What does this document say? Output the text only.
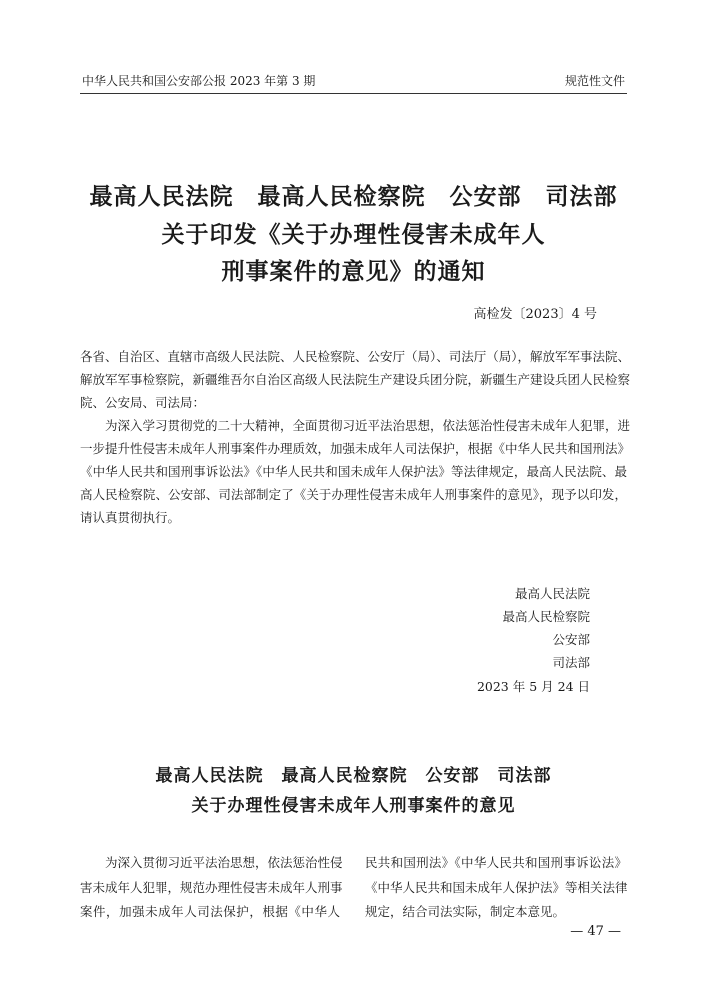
中华人民共和国公安部公报 2023 年第 3 期	规范性文件
最高人民法院　最高人民检察院　公安部　司法部
关于印发《关于办理性侵害未成年人
刑事案件的意见》的通知
高检发〔2023〕4 号
各省、自治区、直辖市高级人民法院、人民检察院、公安厅（局）、司法厅（局），解放军军事法院、
解放军军事检察院，新疆维吾尔自治区高级人民法院生产建设兵团分院，新疆生产建设兵团人民检察
院、公安局、司法局：
　　为深入学习贯彻党的二十大精神，全面贯彻习近平法治思想，依法惩治性侵害未成年人犯罪，进
一步提升性侵害未成年人刑事案件办理质效，加强未成年人司法保护，根据《中华人民共和国刑法》
《中华人民共和国刑事诉讼法》《中华人民共和国未成年人保护法》等法律规定，最高人民法院、最
高人民检察院、公安部、司法部制定了《关于办理性侵害未成年人刑事案件的意见》，现予以印发，
请认真贯彻执行。
最高人民法院
最高人民检察院
公安部
司法部
2023 年 5 月 24 日
最高人民法院　最高人民检察院　公安部　司法部
关于办理性侵害未成年人刑事案件的意见
　　为深入贯彻习近平法治思想，依法惩治性侵
害未成年人犯罪，规范办理性侵害未成年人刑事
案件，加强未成年人司法保护，根据《中华人
民共和国刑法》《中华人民共和国刑事诉讼法》
《中华人民共和国未成年人保护法》等相关法律
规定，结合司法实际，制定本意见。
— 47 —
